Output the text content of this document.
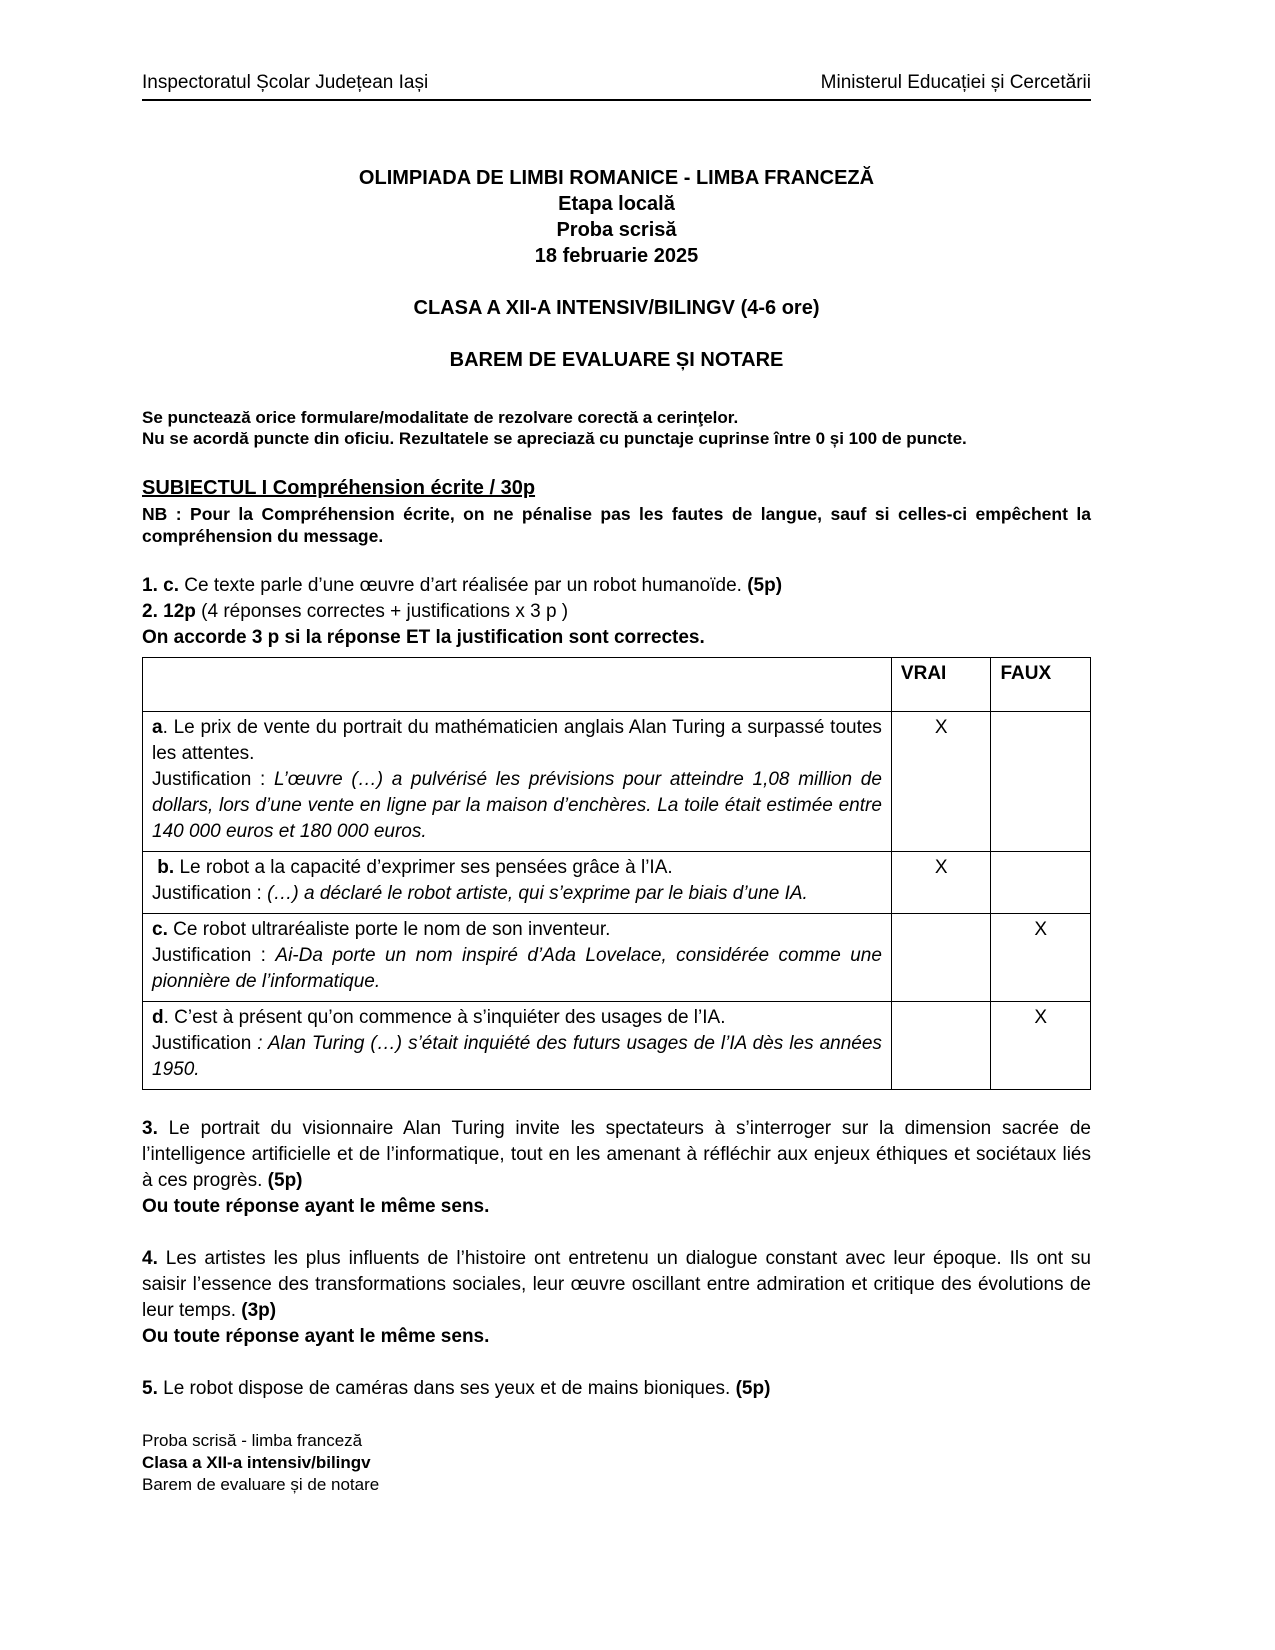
Inspectoratul Școlar Județean Iași	Ministerul Educației și Cercetării
OLIMPIADA DE LIMBI ROMANICE - LIMBA FRANCEZĂ
Etapa locală
Proba scrisă
18 februarie 2025
CLASA A XII-A INTENSIV/BILINGV (4-6 ore)
BAREM DE EVALUARE ȘI NOTARE
Se punctează orice formulare/modalitate de rezolvare corectă a cerinţelor.
Nu se acordă puncte din oficiu. Rezultatele se apreciază cu punctaje cuprinse între 0 și 100 de puncte.
SUBIECTUL I Compréhension écrite / 30p
NB : Pour la Compréhension écrite, on ne pénalise pas les fautes de langue, sauf si celles-ci empêchent la compréhension du message.
1. c. Ce texte parle d’une œuvre d’art réalisée par un robot humanoïde. (5p)
2. 12p (4 réponses correctes + justifications x 3 p )
On accorde 3 p si la réponse ET la justification sont correctes.
	VRAI	FAUX

a. Le prix de vente du portrait du mathématicien anglais Alan Turing a surpassé toutes les attentes.
Justification : L’œuvre (…) a pulvérisé les prévisions pour atteindre 1,08 million de dollars, lors d’une vente en ligne par la maison d’enchères. La toile était estimée entre 140 000 euros et 180 000 euros.	X	

b. Le robot a la capacité d’exprimer ses pensées grâce à l’IA.
Justification : (…) a déclaré le robot artiste, qui s’exprime par le biais d’une IA.	X	

c. Ce robot ultraréaliste porte le nom de son inventeur.
Justification : Ai-Da porte un nom inspiré d’Ada Lovelace, considérée comme une pionnière de l’informatique.		X

d. C’est à présent qu’on commence à s’inquiéter des usages de l’IA.
Justification : Alan Turing (…) s’était inquiété des futurs usages de l’IA dès les années 1950.		X
3. Le portrait du visionnaire Alan Turing invite les spectateurs à s’interroger sur la dimension sacrée de l’intelligence artificielle et de l’informatique, tout en les amenant à réfléchir aux enjeux éthiques et sociétaux liés à ces progrès. (5p)
Ou toute réponse ayant le même sens.
4. Les artistes les plus influents de l’histoire ont entretenu un dialogue constant avec leur époque. Ils ont su saisir l’essence des transformations sociales, leur œuvre oscillant entre admiration et critique des évolutions de leur temps. (3p)
Ou toute réponse ayant le même sens.
5. Le robot dispose de caméras dans ses yeux et de mains bioniques. (5p)
Proba scrisă - limba franceză
Clasa a XII-a intensiv/bilingv
Barem de evaluare și de notare
